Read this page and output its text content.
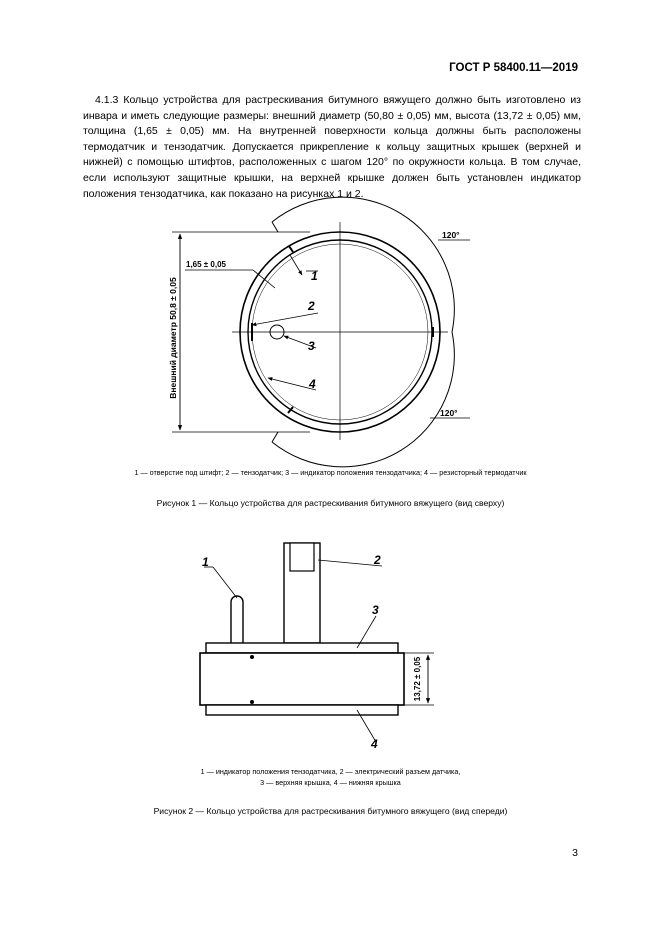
ГОСТ Р 58400.11—2019

4.1.3 Кольцо устройства для растрескивания битумного вяжущего должно быть изготовлено из инвара и иметь следующие размеры: внешний диаметр (50,80 ± 0,05) мм, высота (13,72 ± 0,05) мм, толщина (1,65 ± 0,05) мм. На внутренней поверхности кольца должны быть расположены термодатчик и тензодатчик. Допускается прикрепление к кольцу защитных крышек (верхней и нижней) с помощью штифтов, расположенных с шагом 120° по окружности кольца. В том случае, если используют защитные крышки, на верхней крышке должен быть установлен индикатор положения тензодатчика, как показано на рисунках 1 и 2.

Внешний диаметр 50,8 ± 0,05
1,65 ± 0,05
120°
120°
1
2
3
4
13,72 ± 0,05
1	2
3
4
1 — отверстие под штифт; 2 — тензодатчик; 3 — индикатор положения тензодатчика; 4 — резисторный термодатчик
Рисунок 1 — Кольцо устройства для растрескивания битумного вяжущего (вид сверху)
1 — индикатор положения тензодатчика, 2 — электрический разъем датчика,
3 — верхняя крышка, 4 — нижняя крышка
Рисунок 2 — Кольцо устройства для растрескивания битумного вяжущего (вид спереди)
3
